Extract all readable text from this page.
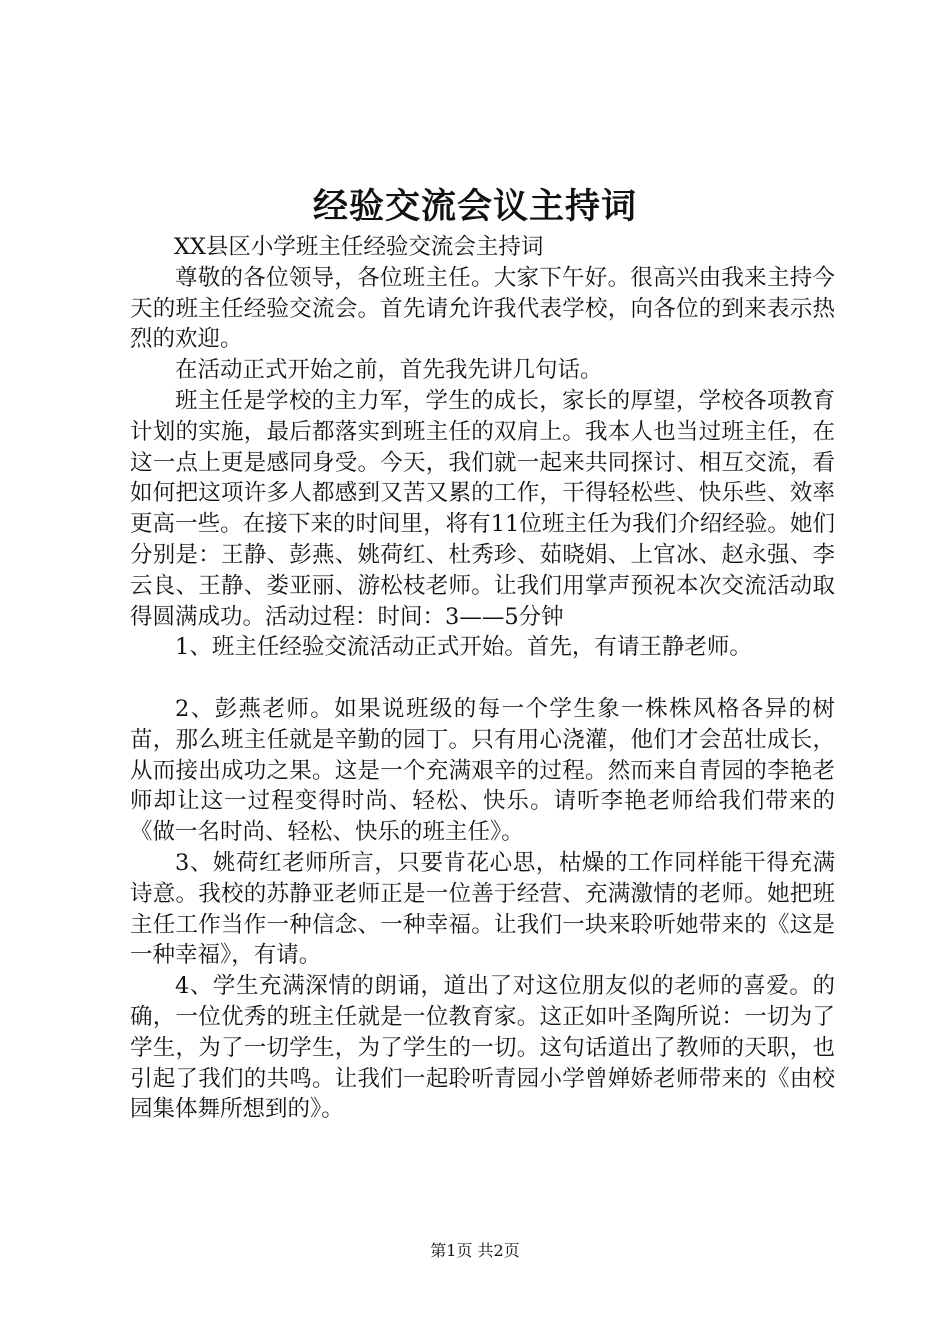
经验交流会议主持词

XX县区小学班主任经验交流会主持词

尊敬的各位领导，各位班主任。大家下午好。很高兴由我来主持今天的班主任经验交流会。首先请允许我代表学校，向各位的到来表示热烈的欢迎。

在活动正式开始之前，首先我先讲几句话。

班主任是学校的主力军，学生的成长，家长的厚望，学校各项教育计划的实施，最后都落实到班主任的双肩上。我本人也当过班主任，在这一点上更是感同身受。今天，我们就一起来共同探讨、相互交流，看如何把这项许多人都感到又苦又累的工作，干得轻松些、快乐些、效率更高一些。在接下来的时间里，将有11位班主任为我们介绍经验。她们分别是：王静、彭燕、姚荷红、杜秀珍、茹晓娟、上官冰、赵永强、李云良、王静、娄亚丽、游松枝老师。让我们用掌声预祝本次交流活动取得圆满成功。活动过程：时间：3——5分钟

1、班主任经验交流活动正式开始。首先，有请王静老师。

2、彭燕老师。如果说班级的每一个学生象一株株风格各异的树苗，那么班主任就是辛勤的园丁。只有用心浇灌，他们才会茁壮成长，从而接出成功之果。这是一个充满艰辛的过程。然而来自青园的李艳老师却让这一过程变得时尚、轻松、快乐。请听李艳老师给我们带来的《做一名时尚、轻松、快乐的班主任》。

3、姚荷红老师所言，只要肯花心思，枯燥的工作同样能干得充满诗意。我校的苏静亚老师正是一位善于经营、充满激情的老师。她把班主任工作当作一种信念、一种幸福。让我们一块来聆听她带来的《这是一种幸福》，有请。

4、学生充满深情的朗诵，道出了对这位朋友似的老师的喜爱。的确，一位优秀的班主任就是一位教育家。这正如叶圣陶所说：一切为了学生，为了一切学生，为了学生的一切。这句话道出了教师的天职，也引起了我们的共鸣。让我们一起聆听青园小学曾婵娇老师带来的《由校园集体舞所想到的》。

第1页 共2页
